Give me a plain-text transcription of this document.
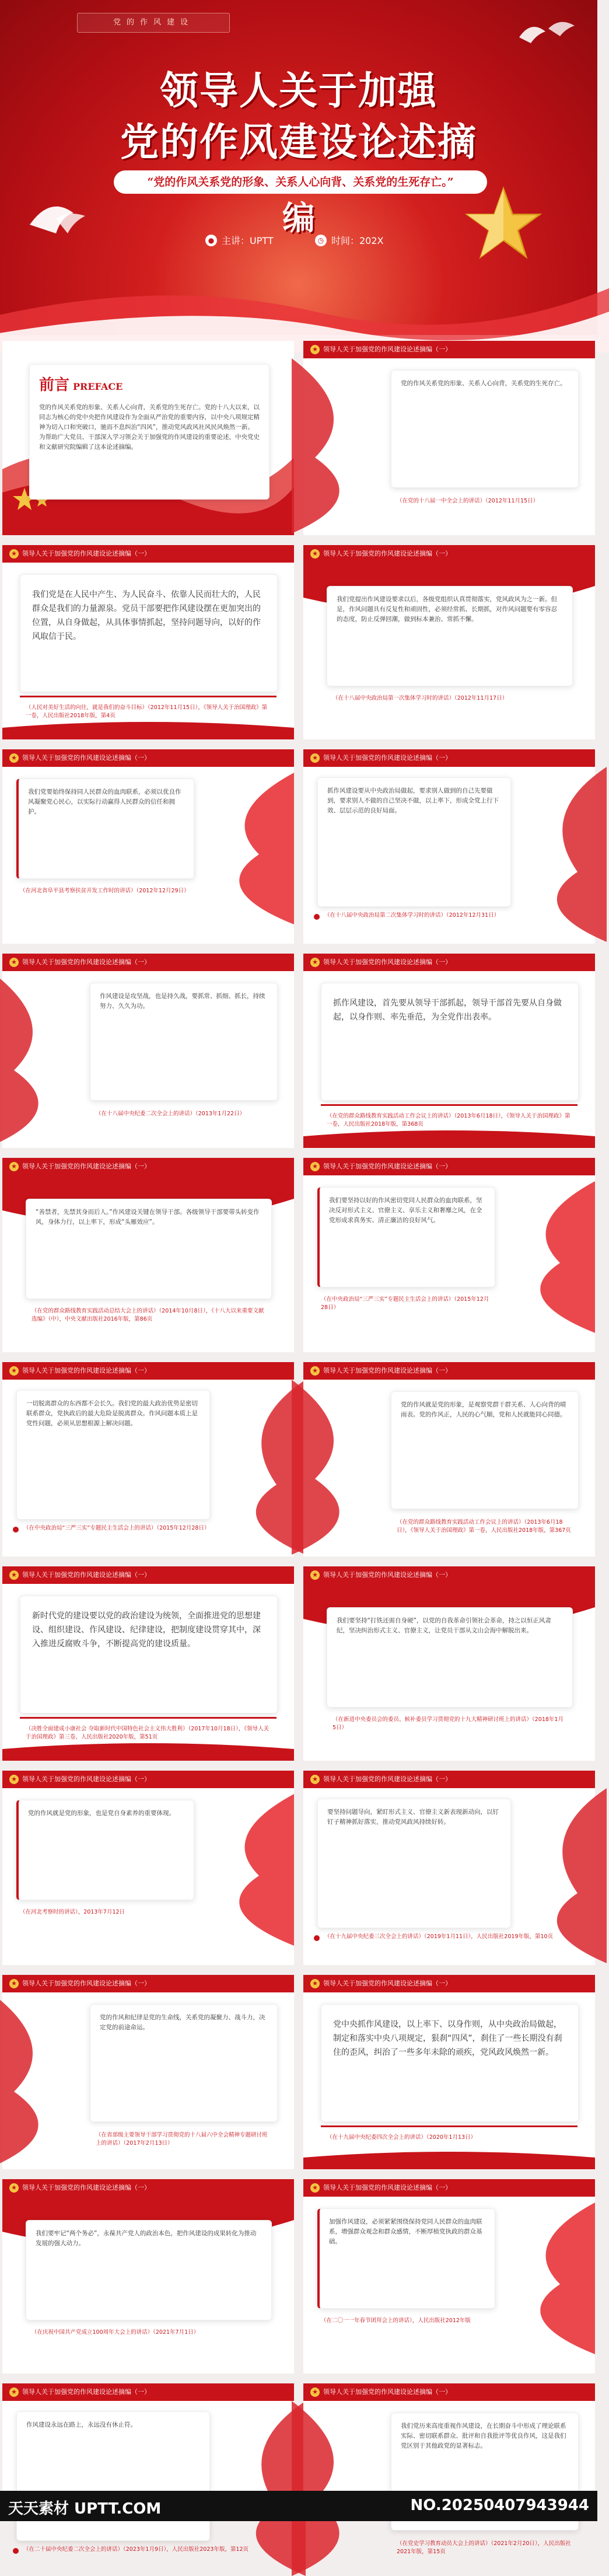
党的作风建设
领导人关于加强
党的作风建设论述摘
“党的作风关系党的形象、关系人心向背、关系党的生死存亡。”
编
● 主讲：UPTT	◷ 时间：202X
前言 PREFACE
党的作风关系党的形象、关系人心向背，关系党的生死存亡。党的十八大以来，以同志为核心的党中央把作风建设作为全面从严治党的重要内容，以中央八项规定精神为切入口和突破口，驰而不息纠治“四风”，推动党风政风社风民风焕然一新。为帮助广大党员、干部深入学习领会关于加强党的作风建设的重要论述，中央党史和文献研究院编辑了这本论述摘编。
★ 领导人关于加强党的作风建设论述摘编（一）
党的作风关系党的形象、关系人心向背，关系党的生死存亡。
（在党的十八届一中全会上的讲话）（2012年11月15日）
★ 领导人关于加强党的作风建设论述摘编（一）
我们党是在人民中产生、为人民奋斗、依靠人民而壮大的，人民群众是我们的力量源泉。党员干部要把作风建设摆在更加突出的位置，从自身做起，从具体事情抓起，坚持问题导向，以好的作风取信于民。
（人民对美好生活的向往，就是我们的奋斗目标）（2012年11月15日），《领导人关于治国理政》第一卷，人民出版社2018年版，第4页
★ 领导人关于加强党的作风建设论述摘编（一）
我们党提出作风建设要求以后，各级党组织认真贯彻落实，党风政风为之一新。但是，作风问题具有反复性和顽固性，必须经常抓、长期抓，对作风问题要有零容忍的态度，防止反弹回潮，做到标本兼治、常抓不懈。
（在十八届中央政治局第一次集体学习时的讲话）（2012年11月17日）
★ 领导人关于加强党的作风建设论述摘编（一）
我们党要始终保持同人民群众的血肉联系，必须以优良作风凝聚党心民心，以实际行动赢得人民群众的信任和拥护。
（在河北省阜平县考察扶贫开发工作时的讲话）（2012年12月29日）
★ 领导人关于加强党的作风建设论述摘编（一）
抓作风建设要从中央政治局做起，要求别人做到的自己先要做到，要求别人不做的自己坚决不做，以上率下，形成全党上行下效、层层示范的良好局面。
（在十八届中央政治局第二次集体学习时的讲话）（2012年12月31日）
★ 领导人关于加强党的作风建设论述摘编（一）
作风建设是攻坚战，也是持久战，要抓常、抓细、抓长，持续努力、久久为功。
（在十八届中央纪委二次全会上的讲话）（2013年1月22日）
★ 领导人关于加强党的作风建设论述摘编（一）
抓作风建设，首先要从领导干部抓起，领导干部首先要从自身做起，以身作则、率先垂范，为全党作出表率。
（在党的群众路线教育实践活动工作会议上的讲话）（2013年6月18日），《领导人关于治国理政》第一卷，人民出版社2018年版，第368页
★ 领导人关于加强党的作风建设论述摘编（一）
“善禁者，先禁其身而后人。”作风建设关键在领导干部。各级领导干部要带头转变作风，身体力行，以上率下，形成“头雁效应”。
（在党的群众路线教育实践活动总结大会上的讲话）（2014年10月8日），《十八大以来重要文献选编》（中），中央文献出版社2016年版，第86页
★ 领导人关于加强党的作风建设论述摘编（一）
我们要坚持以好的作风密切党同人民群众的血肉联系，坚决反对形式主义、官僚主义、享乐主义和奢靡之风，在全党形成求真务实、清正廉洁的良好风气。
（在中央政治局“三严三实”专题民主生活会上的讲话）（2015年12月28日）
★ 领导人关于加强党的作风建设论述摘编（一）
一切脱离群众的东西都不会长久。我们党的最大政治优势是密切联系群众，党执政后的最大危险是脱离群众。作风问题本质上是党性问题，必须从思想根源上解决问题。
（在中央政治局“三严三实”专题民主生活会上的讲话）（2015年12月28日）
★ 领导人关于加强党的作风建设论述摘编（一）
党的作风就是党的形象，是观察党群干群关系、人心向背的晴雨表。党的作风正，人民的心气顺，党和人民就能同心同德。
（在党的群众路线教育实践活动工作会议上的讲话）（2013年6月18日），《领导人关于治国理政》第一卷，人民出版社2018年版，第367页
★ 领导人关于加强党的作风建设论述摘编（一）
新时代党的建设要以党的政治建设为统领，全面推进党的思想建设、组织建设、作风建设、纪律建设，把制度建设贯穿其中，深入推进反腐败斗争，不断提高党的建设质量。
（决胜全面建成小康社会 夺取新时代中国特色社会主义伟大胜利）（2017年10月18日），《领导人关于治国理政》第三卷，人民出版社2020年版，第51页
★ 领导人关于加强党的作风建设论述摘编（一）
我们要坚持“打铁还需自身硬”，以党的自我革命引领社会革命，持之以恒正风肃纪，坚决纠治形式主义、官僚主义，让党员干部从文山会海中解脱出来。
（在新进中央委员会的委员、候补委员学习贯彻党的十九大精神研讨班上的讲话）（2018年1月5日）
★ 领导人关于加强党的作风建设论述摘编（一）
党的作风就是党的形象，也是党自身素养的重要体现。
（在河北考察时的讲话），2013年7月12日
★ 领导人关于加强党的作风建设论述摘编（一）
要坚持问题导向，紧盯形式主义、官僚主义新表现新动向，以钉钉子精神抓好落实，推动党风政风持续好转。
（在十九届中央纪委三次全会上的讲话）（2019年1月11日），人民出版社2019年版，第10页
★ 领导人关于加强党的作风建设论述摘编（一）
党的作风和纪律是党的生命线，关系党的凝聚力、战斗力，决定党的前途命运。
（在省部级主要领导干部学习贯彻党的十八届六中全会精神专题研讨班上的讲话）（2017年2月13日）
★ 领导人关于加强党的作风建设论述摘编（一）
党中央抓作风建设，以上率下、以身作则，从中央政治局做起，制定和落实中央八项规定，狠刹“四风”，刹住了一些长期没有刹住的歪风，纠治了一些多年未除的顽疾，党风政风焕然一新。
（在十九届中央纪委四次全会上的讲话）（2020年1月13日）
★ 领导人关于加强党的作风建设论述摘编（一）
我们要牢记“两个务必”，永葆共产党人的政治本色，把作风建设的成果转化为推动发展的强大动力。
（在庆祝中国共产党成立100周年大会上的讲话）（2021年7月1日）
★ 领导人关于加强党的作风建设论述摘编（一）
加强作风建设，必须紧紧围绕保持党同人民群众的血肉联系，增强群众观念和群众感情，不断厚植党执政的群众基础。
（在二〇一一年春节团拜会上的讲话），人民出版社2012年版
★ 领导人关于加强党的作风建设论述摘编（一）
作风建设永远在路上，永远没有休止符。
（在二十届中央纪委二次全会上的讲话）（2023年1月9日），人民出版社2023年版，第12页
★ 领导人关于加强党的作风建设论述摘编（一）
我们党历来高度重视作风建设，在长期奋斗中形成了理论联系实际、密切联系群众、批评和自我批评等优良作风，这是我们党区别于其他政党的显著标志。
（在党史学习教育动员大会上的讲话）（2021年2月20日），人民出版社2021年版，第15页
天天素材 UPTT.COM	NO.20250407943944
